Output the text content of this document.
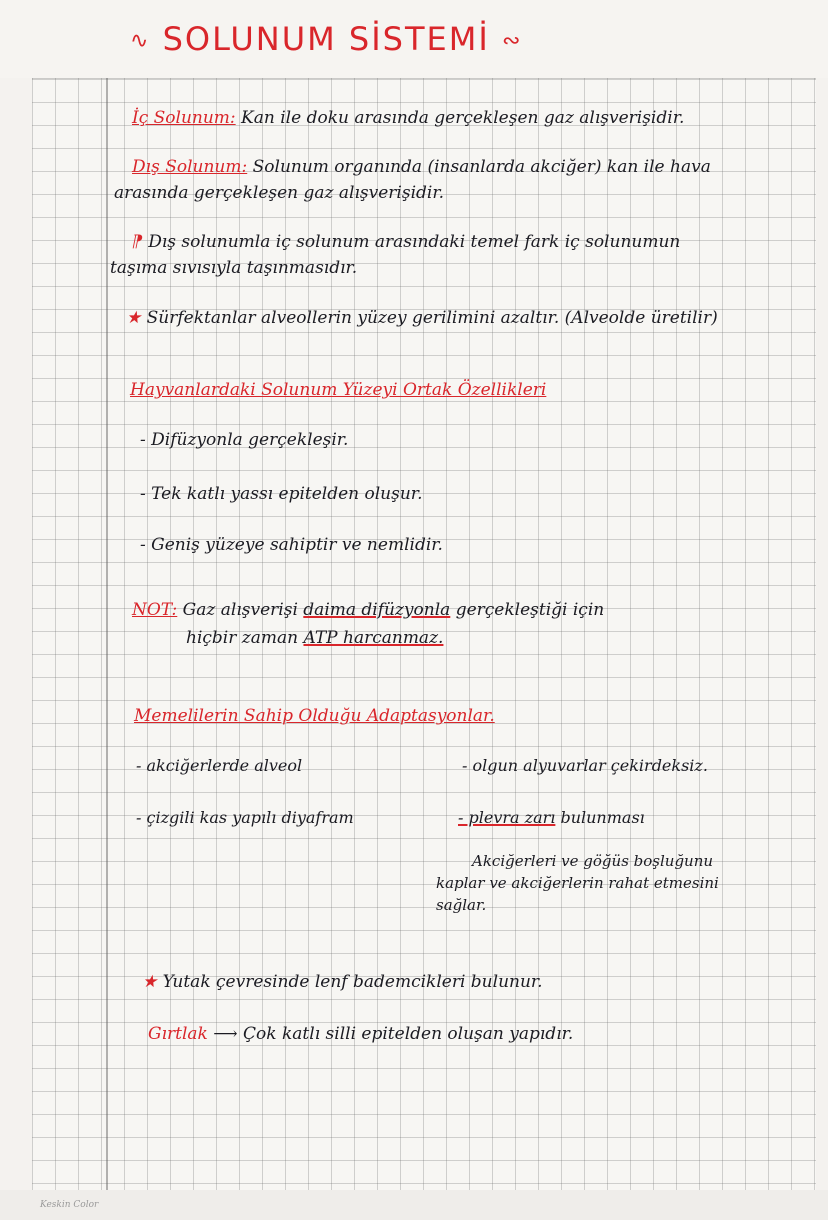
∿ SOLUNUM SİSTEMİ ∾
İç Solunum: Kan ile doku arasında gerçekleşen gaz alışverişidir.
Dış Solunum: Solunum organında (insanlarda akciğer) kan ile hava
arasında gerçekleşen gaz alışverişidir.
⁋ Dış solunumla iç solunum arasındaki temel fark iç solunumun
taşıma sıvısıyla taşınmasıdır.
★ Sürfektanlar alveollerin yüzey gerilimini azaltır. (Alveolde üretilir)
Hayvanlardaki Solunum Yüzeyi Ortak Özellikleri
- Difüzyonla gerçekleşir.
- Tek katlı yassı epitelden oluşur.
- Geniş yüzeye sahiptir ve nemlidir.
NOT: Gaz alışverişi daima difüzyonla gerçekleştiği için
hiçbir zaman ATP harcanmaz.
Memelilerin Sahip Olduğu Adaptasyonlar.
- akciğerlerde alveol
- çizgili kas yapılı diyafram
- olgun alyuvarlar çekirdeksiz.
- plevra zarı bulunması
Akciğerleri ve göğüs boşluğunu
kaplar ve akciğerlerin rahat etmesini
sağlar.
★ Yutak çevresinde lenf bademcikleri bulunur.
Gırtlak ⟶ Çok katlı silli epitelden oluşan yapıdır.
Keskin Color
